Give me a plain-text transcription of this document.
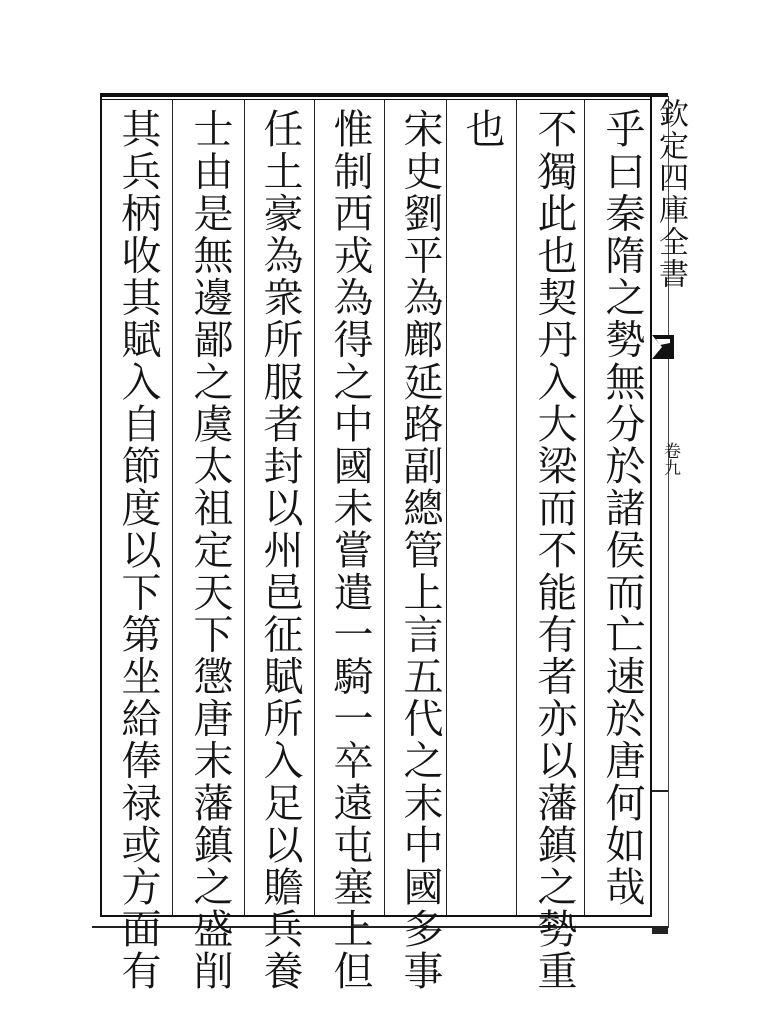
乎曰秦隋之勢無分於諸侯而亡速於唐何如哉
不獨此也契丹入大梁而不能有者亦以藩鎮之勢重
也
宋史劉平為鄜延路副總管上言五代之末中國多事
惟制西戎為得之中國未嘗遣一騎一卒遠屯塞上但
任土豪為衆所服者封以州邑征賦所入足以贍兵養
士由是無邊鄙之虞太祖定天下懲唐末藩鎮之盛削
其兵柄收其賦入自節度以下第坐給俸禄或方面有	欽定四庫全書
卷九
